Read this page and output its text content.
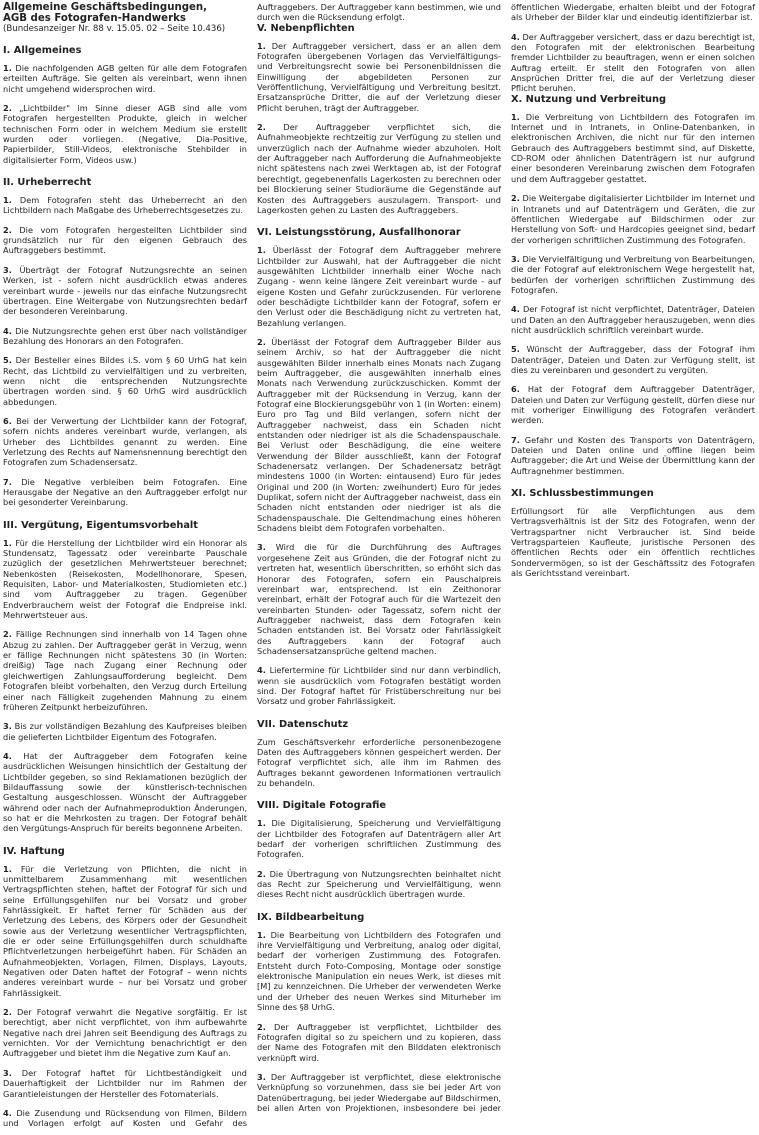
Allgemeine Geschäftsbedingungen,

AGB des Fotografen-Handwerks

(Bundesanzeiger Nr. 88 v. 15.05. 02 – Seite 10.436)

I. Allgemeines

1. Die nachfolgenden AGB gelten für alle dem Fotografen erteilten Aufträge. Sie gelten als vereinbart, wenn ihnen nicht umgehend widersprochen wird.

2. „Lichtbilder" im Sinne dieser AGB sind alle vom Fotografen hergestellten Produkte, gleich in welcher technischen Form oder in welchem Medium sie erstellt wurden oder vorliegen. (Negative, Dia-Positive, Papierbilder, Still-Videos, elektronische Stehbilder in digitalisierter Form, Videos usw.)

II. Urheberrecht

1. Dem Fotografen steht das Urheberrecht an den Lichtbildern nach Maßgabe des Urheberrechtsgesetzes zu.

2. Die vom Fotografen hergestellten Lichtbilder sind grundsätzlich nur für den eigenen Gebrauch des Auftraggebers bestimmt.

3. Überträgt der Fotograf Nutzungsrechte an seinen Werken, ist - sofern nicht ausdrücklich etwas anderes vereinbart wurde - jeweils nur das einfache Nutzungsrecht übertragen. Eine Weitergabe von Nutzungsrechten bedarf der besonderen Vereinbarung.

4. Die Nutzungsrechte gehen erst über nach vollständiger Bezahlung des Honorars an den Fotografen.

5. Der Besteller eines Bildes i.S. vom § 60 UrhG hat kein Recht, das Lichtbild zu vervielfältigen und zu verbreiten, wenn nicht die entsprechenden Nutzungsrechte übertragen worden sind. § 60 UrhG wird ausdrücklich abbedungen.

6. Bei der Verwertung der Lichtbilder kann der Fotograf, sofern nichts anderes vereinbart wurde, verlangen, als Urheber des Lichtbildes genannt zu werden. Eine Verletzung des Rechts auf Namensnennung berechtigt den Fotografen zum Schadensersatz.

7. Die Negative verbleiben beim Fotografen. Eine Herausgabe der Negative an den Auftraggeber erfolgt nur bei gesonderter Vereinbarung.

III. Vergütung, Eigentumsvorbehalt

1. Für die Herstellung der Lichtbilder wird ein Honorar als Stundensatz, Tagessatz oder vereinbarte Pauschale zuzüglich der gesetzlichen Mehrwertsteuer berechnet; Nebenkosten (Reisekosten, Modellhonorare, Spesen, Requisiten, Labor- und Materialkosten, Studiomieten etc.) sind vom Auftraggeber zu tragen. Gegenüber Endverbrauchern weist der Fotograf die Endpreise inkl. Mehrwertsteuer aus.

2. Fällige Rechnungen sind innerhalb von 14 Tagen ohne Abzug zu zahlen. Der Auftraggeber gerät in Verzug, wenn er fällige Rechnungen nicht spätestens 30 (in Worten: dreißig) Tage nach Zugang einer Rechnung oder gleichwertigen Zahlungsaufforderung begleicht. Dem Fotografen bleibt vorbehalten, den Verzug durch Erteilung einer nach Fälligkeit zugehenden Mahnung zu einem früheren Zeitpunkt herbeizuführen.

3. Bis zur vollständigen Bezahlung des Kaufpreises bleiben die gelieferten Lichtbilder Eigentum des Fotografen.

4. Hat der Auftraggeber dem Fotografen keine ausdrücklichen Weisungen hinsichtlich der Gestaltung der Lichtbilder gegeben, so sind Reklamationen bezüglich der Bildauffassung sowie der künstlerisch-technischen Gestaltung ausgeschlossen. Wünscht der Auftraggeber während oder nach der Aufnahmeproduktion Änderungen, so hat er die Mehrkosten zu tragen. Der Fotograf behält den Vergütungs-Anspruch für bereits begonnene Arbeiten.

IV. Haftung

1. Für die Verletzung von Pflichten, die nicht in unmittelbarem Zusammenhang mit wesentlichen Vertragspflichten stehen, haftet der Fotograf für sich und seine Erfüllungsgehilfen nur bei Vorsatz und grober Fahrlässigkeit. Er haftet ferner für Schäden aus der Verletzung des Lebens, des Körpers oder der Gesundheit sowie aus der Verletzung wesentlicher Vertragspflichten, die er oder seine Erfüllungsgehilfen durch schuldhafte Pflichtverletzungen herbeigeführt haben. Für Schäden an Aufnahmeobjekten, Vorlagen, Filmen, Displays, Layouts, Negativen oder Daten haftet der Fotograf – wenn nichts anderes vereinbart wurde – nur bei Vorsatz und grober Fahrlässigkeit.

2. Der Fotograf verwahrt die Negative sorgfältig. Er ist berechtigt, aber nicht verpflichtet, von ihm aufbewahrte Negative nach drei Jahren seit Beendigung des Auftrags zu vernichten. Vor der Vernichtung benachrichtigt er den Auftraggeber und bietet ihm die Negative zum Kauf an.

3. Der Fotograf haftet für Lichtbeständigkeit und Dauerhaftigkeit der Lichtbilder nur im Rahmen der Garantieleistungen der Hersteller des Fotomaterials.

4. Die Zusendung und Rücksendung von Filmen, Bildern und Vorlagen erfolgt auf Kosten und Gefahr des Auftraggebers. Der Auftraggeber kann bestimmen, wie und durch wen die Rücksendung erfolgt.

V. Nebenpflichten

1. Der Auftraggeber versichert, dass er an allen dem Fotografen übergebenen Vorlagen das Vervielfältigungs- und Verbreitungsrecht sowie bei Personenbildnissen die Einwilligung der abgebildeten Personen zur Veröffentlichung, Vervielfältigung und Verbreitung besitzt. Ersatzansprüche Dritter, die auf der Verletzung dieser Pflicht beruhen, trägt der Auftraggeber.

2. Der Auftraggeber verpflichtet sich, die Aufnahmeobjekte rechtzeitig zur Verfügung zu stellen und unverzüglich nach der Aufnahme wieder abzuholen. Holt der Auftraggeber nach Aufforderung die Aufnahmeobjekte nicht spätestens nach zwei Werktagen ab, ist der Fotograf berechtigt, gegebenenfalls Lagerkosten zu berechnen oder bei Blockierung seiner Studioräume die Gegenstände auf Kosten des Auftraggebers auszulagern. Transport- und Lagerkosten gehen zu Lasten des Auftraggebers.

VI. Leistungsstörung, Ausfallhonorar

1. Überlässt der Fotograf dem Auftraggeber mehrere Lichtbilder zur Auswahl, hat der Auftraggeber die nicht ausgewählten Lichtbilder innerhalb einer Woche nach Zugang - wenn keine längere Zeit vereinbart wurde - auf eigene Kosten und Gefahr zurückzusenden. Für verlorene oder beschädigte Lichtbilder kann der Fotograf, sofern er den Verlust oder die Beschädigung nicht zu vertreten hat, Bezahlung verlangen.

2. Überlässt der Fotograf dem Auftraggeber Bilder aus seinem Archiv, so hat der Auftraggeber die nicht ausgewählten Bilder innerhalb eines Monats nach Zugang beim Auftraggeber, die ausgewählten innerhalb eines Monats nach Verwendung zurückzuschicken. Kommt der Auftraggeber mit der Rücksendung in Verzug, kann der Fotograf eine Blockierungsgebühr von 1 (in Worten: einem) Euro pro Tag und Bild verlangen, sofern nicht der Auftraggeber nachweist, dass ein Schaden nicht entstanden oder niedriger ist als die Schadenspauschale. Bei Verlust oder Beschädigung, die eine weitere Verwendung der Bilder ausschließt, kann der Fotograf Schadenersatz verlangen. Der Schadenersatz beträgt mindestens 1000 (in Worten: eintausend) Euro für jedes Original und 200 (in Worten: zweihundert) Euro für jedes Duplikat, sofern nicht der Auftraggeber nachweist, dass ein Schaden nicht entstanden oder niedriger ist als die Schadenspauschale. Die Geltendmachung eines höheren Schadens bleibt dem Fotografen vorbehalten.

3. Wird die für die Durchführung des Auftrages vorgesehene Zeit aus Gründen, die der Fotograf nicht zu vertreten hat, wesentlich überschritten, so erhöht sich das Honorar des Fotografen, sofern ein Pauschalpreis vereinbart war, entsprechend. Ist ein Zeithonorar vereinbart, erhält der Fotograf auch für die Wartezeit den vereinbarten Stunden- oder Tagessatz, sofern nicht der Auftraggeber nachweist, dass dem Fotografen kein Schaden entstanden ist. Bei Vorsatz oder Fahrlässigkeit des Auftraggebers kann der Fotograf auch Schadensersatzansprüche geltend machen.

4. Liefertermine für Lichtbilder sind nur dann verbindlich, wenn sie ausdrücklich vom Fotografen bestätigt worden sind. Der Fotograf haftet für Fristüberschreitung nur bei Vorsatz und grober Fahrlässigkeit.

VII. Datenschutz

Zum Geschäftsverkehr erforderliche personenbezogene Daten des Auftraggebers können gespeichert werden. Der Fotograf verpflichtet sich, alle ihm im Rahmen des Auftrages bekannt gewordenen Informationen vertraulich zu behandeln.

VIII. Digitale Fotografie

1. Die Digitalisierung, Speicherung und Vervielfältigung der Lichtbilder des Fotografen auf Datenträgern aller Art bedarf der vorherigen schriftlichen Zustimmung des Fotografen.

2. Die Übertragung von Nutzungsrechten beinhaltet nicht das Recht zur Speicherung und Vervielfältigung, wenn dieses Recht nicht ausdrücklich übertragen wurde.

IX. Bildbearbeitung

1. Die Bearbeitung von Lichtbildern des Fotografen und ihre Vervielfältigung und Verbreitung, analog oder digital, bedarf der vorherigen Zustimmung des Fotografen. Entsteht durch Foto-Composing, Montage oder sonstige elektronische Manipulation ein neues Werk, ist dieses mit [M] zu kennzeichnen. Die Urheber der verwendeten Werke und der Urheber des neuen Werkes sind Miturheber im Sinne des §8 UrhG.

2. Der Auftraggeber ist verpflichtet, Lichtbilder des Fotografen digital so zu speichern und zu kopieren, dass der Name des Fotografen mit den Bilddaten elektronisch verknüpft wird.

3. Der Auftraggeber ist verpflichtet, diese elektronische Verknüpfung so vorzunehmen, dass sie bei jeder Art von Datenübertragung, bei jeder Wiedergabe auf Bildschirmen, bei allen Arten von Projektionen, insbesondere bei jeder öffentlichen Wiedergabe, erhalten bleibt und der Fotograf als Urheber der Bilder klar und eindeutig identifizierbar ist.

4. Der Auftraggeber versichert, dass er dazu berechtigt ist, den Fotografen mit der elektronischen Bearbeitung fremder Lichtbilder zu beauftragen, wenn er einen solchen Auftrag erteilt. Er stellt den Fotografen von allen Ansprüchen Dritter frei, die auf der Verletzung dieser Pflicht beruhen.

X. Nutzung und Verbreitung

1. Die Verbreitung von Lichtbildern des Fotografen im Internet und in Intranets, in Online-Datenbanken, in elektronischen Archiven, die nicht nur für den internen Gebrauch des Auftraggebers bestimmt sind, auf Diskette, CD-ROM oder ähnlichen Datenträgern ist nur aufgrund einer besonderen Vereinbarung zwischen dem Fotografen und dem Auftraggeber gestattet.

2. Die Weitergabe digitalisierter Lichtbilder im Internet und in Intranets und auf Datenträgern und Geräten, die zur öffentlichen Wiedergabe auf Bildschirmen oder zur Herstellung von Soft- und Hardcopies geeignet sind, bedarf der vorherigen schriftlichen Zustimmung des Fotografen.

3. Die Vervielfältigung und Verbreitung von Bearbeitungen, die der Fotograf auf elektronischem Wege hergestellt hat, bedürfen der vorherigen schriftlichen Zustimmung des Fotografen.

4. Der Fotograf ist nicht verpflichtet, Datenträger, Dateien und Daten an den Auftraggeber herauszugeben, wenn dies nicht ausdrücklich schriftlich vereinbart wurde.

5. Wünscht der Auftraggeber, dass der Fotograf ihm Datenträger, Dateien und Daten zur Verfügung stellt, ist dies zu vereinbaren und gesondert zu vergüten.

6. Hat der Fotograf dem Auftraggeber Datenträger, Dateien und Daten zur Verfügung gestellt, dürfen diese nur mit vorheriger Einwilligung des Fotografen verändert werden.

7. Gefahr und Kosten des Transports von Datenträgern, Dateien und Daten online und offline liegen beim Auftraggeber; die Art und Weise der Übermittlung kann der Auftragnehmer bestimmen.

XI. Schlussbestimmungen

Erfüllungsort für alle Verpflichtungen aus dem Vertragsverhältnis ist der Sitz des Fotografen, wenn der Vertragspartner nicht Verbraucher ist. Sind beide Vertragsparteien Kaufleute, juristische Personen des öffentlichen Rechts oder ein öffentlich rechtliches Sondervermögen, so ist der Geschäftssitz des Fotografen als Gerichtsstand vereinbart.
